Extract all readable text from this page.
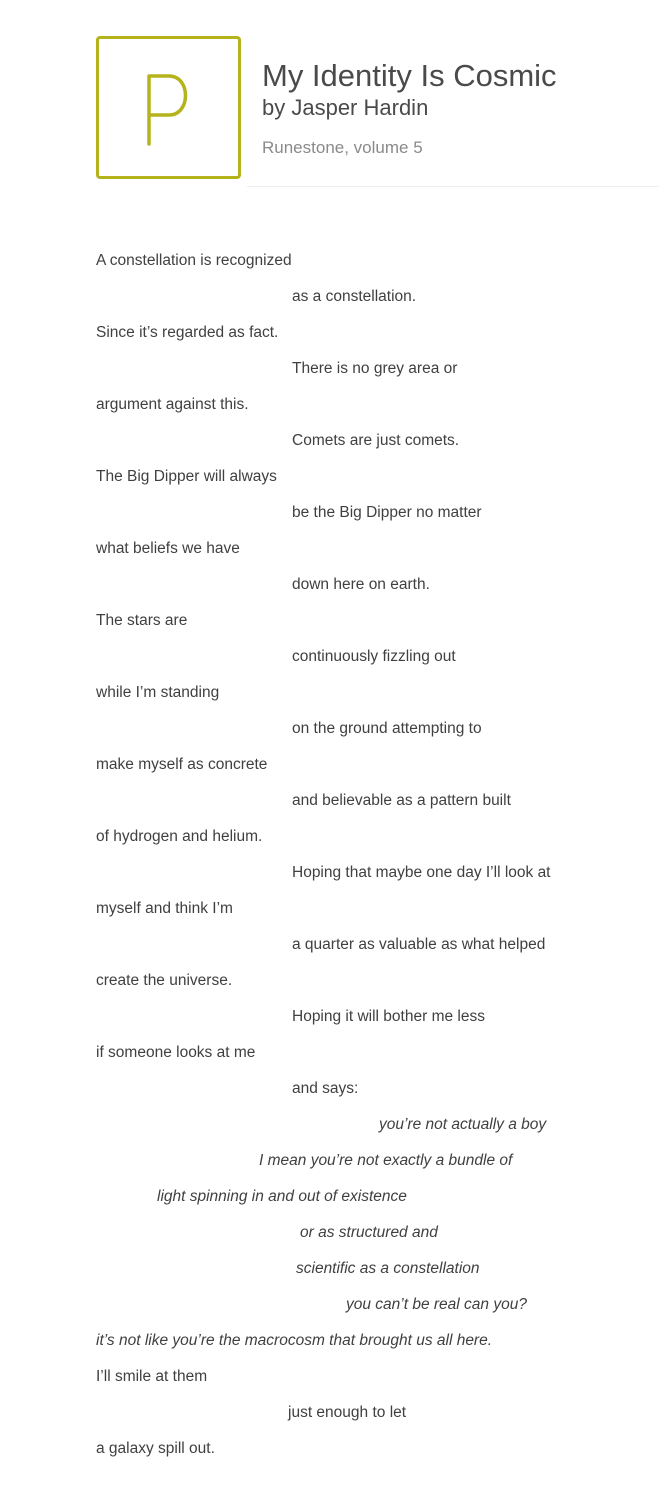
My Identity Is Cosmic
by Jasper Hardin
Runestone, volume 5
A constellation is recognized
as a constellation.
Since it’s regarded as fact.
There is no grey area or
argument against this.
Comets are just comets.
The Big Dipper will always
be the Big Dipper no matter
what beliefs we have
down here on earth.
The stars are
continuously fizzling out
while I’m standing
on the ground attempting to
make myself as concrete
and believable as a pattern built
of hydrogen and helium.
Hoping that maybe one day I’ll look at
myself and think I’m
a quarter as valuable as what helped
create the universe.
Hoping it will bother me less
if someone looks at me
and says:
you’re not actually a boy
I mean you’re not exactly a bundle of
light spinning in and out of existence
or as structured and
scientific as a constellation
you can’t be real can you?
it’s not like you’re the macrocosm that brought us all here.
I’ll smile at them
just enough to let
a galaxy spill out.
